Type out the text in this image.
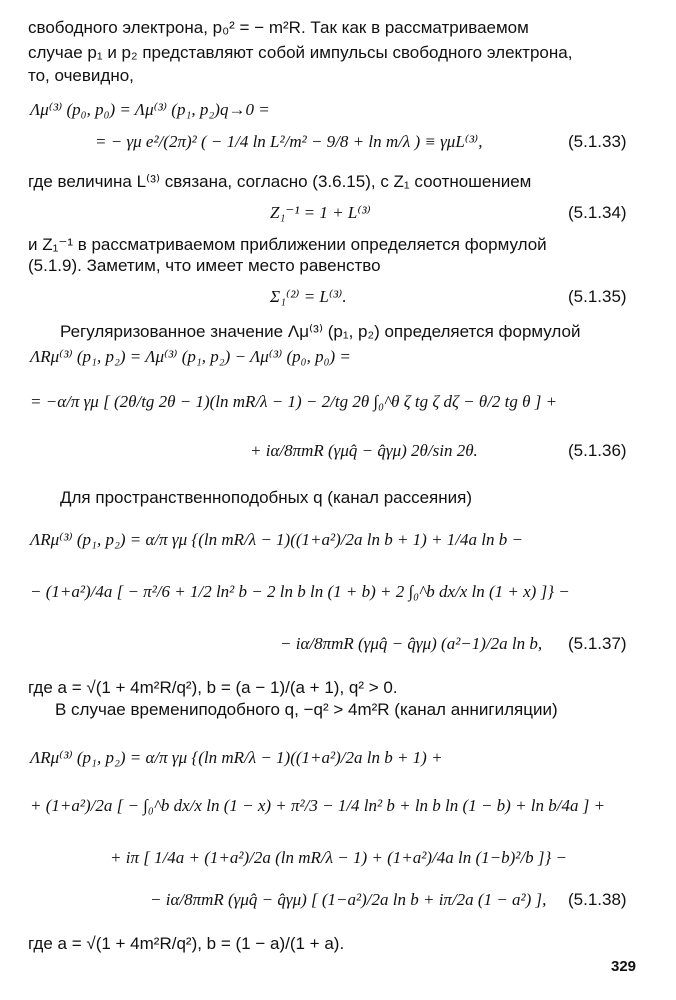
свободного электрона, p₀² = − m²R. Так как в рассматриваемом
случае p₁ и p₂ представляют собой импульсы свободного электрона,
то, очевидно,
Λμ⁽³⁾ (p₀, p₀) = Λμ⁽³⁾ (p₁, p₂)q→0 =
= − γμ e²/(2π)² ( − 1/4 ln L²/m² − 9/8 + ln m/λ ) ≡ γμL⁽³⁾,	(5.1.33)
где величина L⁽³⁾ связана, согласно (3.6.15), с Z₁ соотношением
Z₁⁻¹ = 1 + L⁽³⁾	(5.1.34)
и Z₁⁻¹ в рассматриваемом приближении определяется формулой
(5.1.9). Заметим, что имеет место равенство
Σ₁⁽²⁾ = L⁽³⁾.	(5.1.35)
Регуляризованное значение Λμ⁽³⁾ (p₁, p₂) определяется формулой
ΛRμ⁽³⁾ (p₁, p₂) = Λμ⁽³⁾ (p₁, p₂) − Λμ⁽³⁾ (p₀, p₀) =
= −α/π γμ [ (2θ/tg 2θ − 1)(ln mR/λ − 1) − 2/tg 2θ ∫₀^θ ζ tg ζ dζ − θ/2 tg θ ] +
+ iα/8πmR (γμq̂ − q̂γμ) 2θ/sin 2θ.	(5.1.36)
Для пространственноподобных q (канал рассеяния)
ΛRμ⁽³⁾ (p₁, p₂) = α/π γμ {(ln mR/λ − 1)((1+a²)/2a ln b + 1) + 1/4a ln b −
− (1+a²)/4a [ − π²/6 + 1/2 ln² b − 2 ln b ln (1 + b) + 2 ∫₀^b dx/x ln (1 + x) ]} −
− iα/8πmR (γμq̂ − q̂γμ) (a²−1)/2a ln b, (5.1.37)
где a = √(1 + 4m²R/q²), b = (a − 1)/(a + 1), q² > 0.
В случае времениподобного q, −q² > 4m²R (канал аннигиляции)
ΛRμ⁽³⁾ (p₁, p₂) = α/π γμ {(ln mR/λ − 1)((1+a²)/2a ln b + 1) +
+ (1+a²)/2a [ − ∫₀^b dx/x ln (1 − x) + π²/3 − 1/4 ln² b + ln b ln (1 − b) + ln b/4a ] +
+ iπ [ 1/4a + (1+a²)/2a (ln mR/λ − 1) + (1+a²)/4a ln (1−b)²/b ]} −
− iα/8πmR (γμq̂ − q̂γμ) [ (1−a²)/2a ln b + iπ/2a (1 − a²) ], (5.1.38)
где a = √(1 + 4m²R/q²), b = (1 − a)/(1 + a).
329
